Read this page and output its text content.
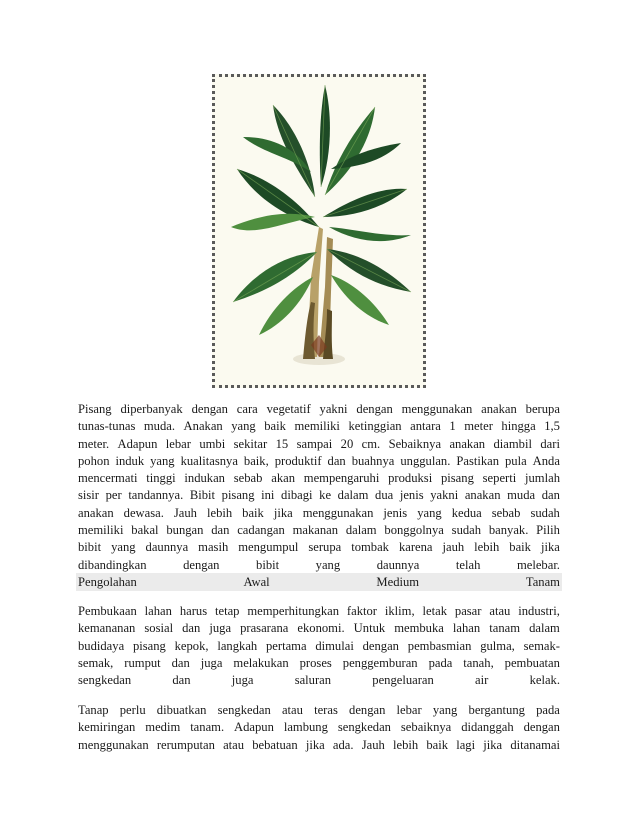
Pisang diperbanyak dengan cara vegetatif yakni dengan menggunakan anakan berupa
tunas-tunas muda. Anakan yang baik memiliki ketinggian antara 1 meter hingga 1,5
meter. Adapun lebar umbi sekitar 15 sampai 20 cm. Sebaiknya anakan diambil dari
pohon induk yang kualitasnya baik, produktif dan buahnya unggulan. Pastikan pula Anda
mencermati tinggi indukan sebab akan mempengaruhi produksi pisang seperti jumlah
sisir per tandannya. Bibit pisang ini dibagi ke dalam dua jenis yakni anakan muda dan
anakan dewasa. Jauh lebih baik jika menggunakan jenis yang kedua sebab sudah
memiliki bakal bungan dan cadangan makanan dalam bonggolnya sudah banyak. Pilih
bibit yang daunnya masih mengumpul serupa tombak karena jauh lebih baik jika
dibandingkan	dengan	bibit	yang	daunnya	telah	melebar.
Pengolahan	Awal	Medium	Tanam
Pembukaan lahan harus tetap memperhitungkan faktor iklim, letak pasar atau industri,
kemananan sosial dan juga prasarana ekonomi. Untuk membuka lahan tanam dalam
budidaya pisang kepok, langkah pertama dimulai dengan pembasmian gulma, semak-
semak, rumput dan juga melakukan proses penggemburan pada tanah, pembuatan
sengkedan	dan	juga	saluran	pengeluaran	air	kelak.
Tanap perlu dibuatkan sengkedan atau teras dengan lebar yang bergantung pada
kemiringan medim tanam. Adapun lambung sengkedan sebaiknya didanggah dengan
menggunakan rerumputan atau bebatuan jika ada. Jauh lebih baik lagi jika ditanamai
